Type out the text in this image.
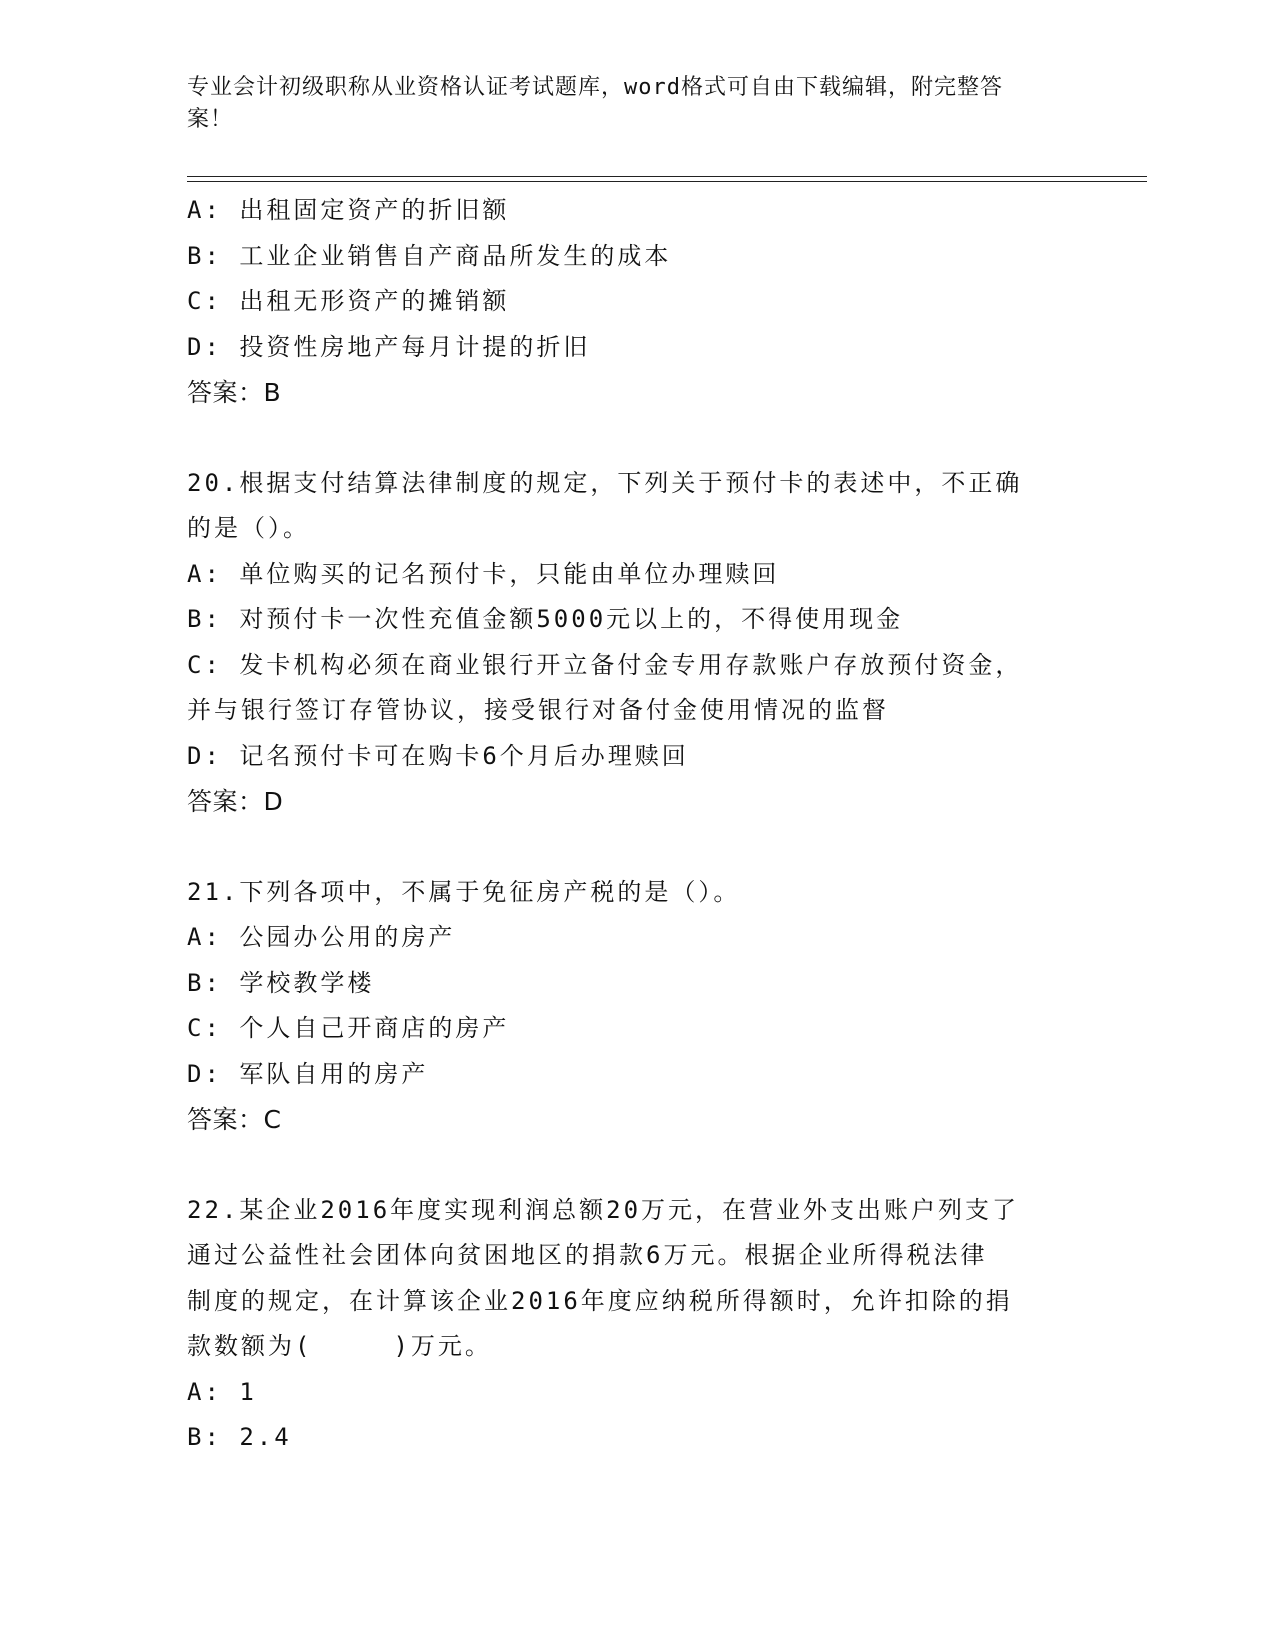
专业会计初级职称从业资格认证考试题库，word格式可自由下载编辑，附完整答
案！

A: 出租固定资产的折旧额

B: 工业企业销售自产商品所发生的成本

C: 出租无形资产的摊销额

D: 投资性房地产每月计提的折旧

答案：B

20.根据支付结算法律制度的规定，下列关于预付卡的表述中，不正确

的是（）。

A: 单位购买的记名预付卡，只能由单位办理赎回

B: 对预付卡一次性充值金额5000元以上的，不得使用现金

C: 发卡机构必须在商业银行开立备付金专用存款账户存放预付资金，

并与银行签订存管协议，接受银行对备付金使用情况的监督

D: 记名预付卡可在购卡6个月后办理赎回

答案：D

21.下列各项中，不属于免征房产税的是（）。

A: 公园办公用的房产

B: 学校教学楼

C: 个人自己开商店的房产

D: 军队自用的房产

答案：C

22.某企业2016年度实现利润总额20万元，在营业外支出账户列支了

通过公益性社会团体向贫困地区的捐款6万元。根据企业所得税法律

制度的规定，在计算该企业2016年度应纳税所得额时，允许扣除的捐

款数额为(　　　)万元。

A: 1

B: 2.4
